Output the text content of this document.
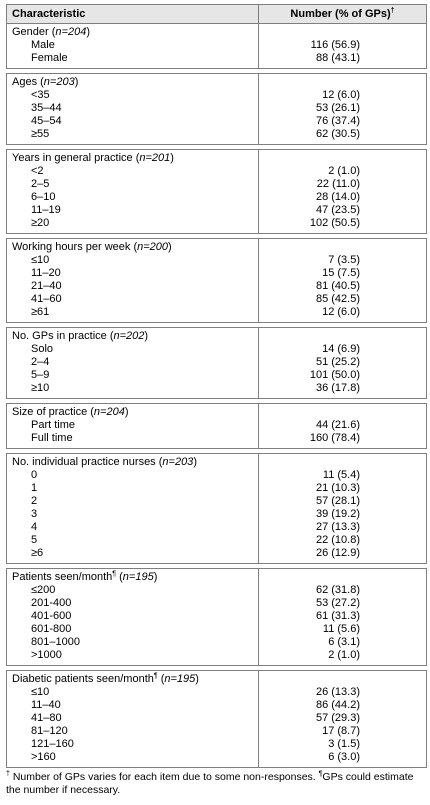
Characteristic	Number (% of GPs)†
Gender (n=204)	
Male	116 (56.9)
Female	88 (43.1)

Ages (n=203)	
<35	12 (6.0)
35–44	53 (26.1)
45–54	76 (37.4)
≥55	62 (30.5)

Years in general practice (n=201)	
<2	2 (1.0)
2–5	22 (11.0)
6–10	28 (14.0)
11–19	47 (23.5)
≥20	102 (50.5)

Working hours per week (n=200)	
≤10	7 (3.5)
11–20	15 (7.5)
21–40	81 (40.5)
41–60	85 (42.5)
≥61	12 (6.0)

No. GPs in practice (n=202)	
Solo	14 (6.9)
2–4	51 (25.2)
5–9	101 (50.0)
≥10	36 (17.8)

Size of practice (n=204)	
Part time	44 (21.6)
Full time	160 (78.4)

No. individual practice nurses (n=203)	
0	11 (5.4)
1	21 (10.3)
2	57 (28.1)
3	39 (19.2)
4	27 (13.3)
5	22 (10.8)
≥6	26 (12.9)

Patients seen/month¶ (n=195)	
≤200	62 (31.8)
201-400	53 (27.2)
401-600	61 (31.3)
601-800	11 (5.6)
801–1000	6 (3.1)
>1000	2 (1.0)

Diabetic patients seen/month¶ (n=195)	
≤10	26 (13.3)
11–40	86 (44.2)
41–80	57 (29.3)
81–120	17 (8.7)
121–160	3 (1.5)
>160	6 (3.0)
† Number of GPs varies for each item due to some non-responses. ¶GPs could estimate the number if necessary.
